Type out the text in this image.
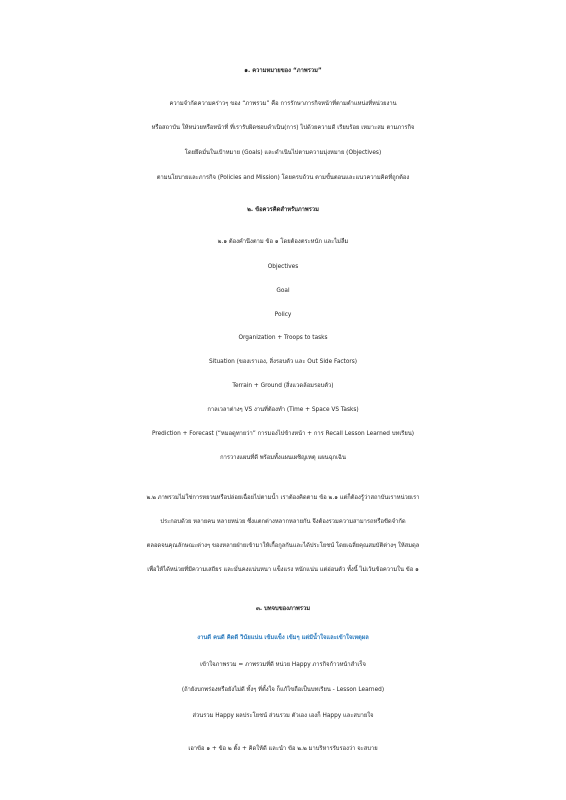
๑. ความหมายของ “ภาพรวม”
ความจำกัดความคร่าวๆ ของ “ภาพรวม” คือ การรักษาภารกิจหน้าที่ตามตำแหน่งที่หน่วยงาน
หรือสถาบัน ให้หน่วยหรือหน้าที่ ที่เรารับผิดชอบดำเนิน(การ) ไปด้วยความดี เรียบร้อย เหมาะสม ตามภารกิจ
โดยยึดมั่นในเป้าหมาย (Goals) และดำเนินไปตามความมุ่งหมาย (Objectives)
ตามนโยบายและภารกิจ (Policies and Mission) โดยครบถ้วน ตามขั้นตอนและแนวความคิดที่ถูกต้อง
๒. ข้อควรคิดสำหรับภาพรวม
๒.๑ ต้องคำนึงตาม ข้อ ๑ โดยต้องตระหนัก และไม่ลืม
Objectives
Goal
Policy
Organization + Troops to tasks
Situation (ของเราเอง, สิ่งรอบตัว และ Out Side Factors)
Terrain + Ground (สิ่งแวดล้อมรอบตัว)
กาลเวลาต่างๆ VS งานที่ต้องทำ (Time + Space VS Tasks)
Prediction + Forecast (“หมอดูทายว่า” การมองไปข้างหน้า + การ Recall Lesson Learned บทเรียน)
การวางแผนที่ดี พร้อมทั้งแผนเผชิญเหตุ แผนฉุกเฉิน
๒.๒ ภาพรวมไม่ใช่การหยวนหรือปล่อยเฉื่อยไปตามน้ำ เราต้องคิดตาม ข้อ ๒.๑ แต่ก็ต้องรู้ว่าสถาบันเราหน่วยเรา
ประกอบด้วย หลายคน หลายหน่วย ซึ่งแตกต่างหลากหลายกัน จึงต้องรวมความสามารถหรือขีดจำกัด
ตลอดจนคุณลักษณะต่างๆ ของหลายฝ่ายเข้ามาให้เกื้อกูลกันและได้ประโยชน์ โดยเฉลี่ยคุณสมบัติต่างๆ ให้สมดุล
เพื่อให้ได้หน่วยที่มีความเสถียร และมั่นคงแน่นหนา แข็งแรง หนักแน่น แต่อ่อนตัว ทั้งนี้ ไม่เว้นข้อความใน ข้อ ๑
๓. บทจบของภาพรวม
งานดี คนดี คิดดี วินัยแน่น เข้มแข็ง เข้มๆ แต่มีน้ำใจและเข้าใจเหตุผล
เข้าใจภาพรวม = ภาพรวมที่ดี หน่วย Happy ภารกิจก้าวหน้าสำเร็จ
(ถ้ายังบกพร่องหรือยังไม่ดี ทั้งๆ ที่ตั้งใจ ก็แก้ไขถือเป็นบทเรียน - Lesson Learned)
ส่วนรวม Happy ผลประโยชน์ ส่วนรวม ตัวเอง เองก็ Happy และสบายใจ
เอาข้อ ๑ + ข้อ ๒ ตั้ง + คิดให้ดี และนำ ข้อ ๒.๒ มาบริหารรับรองว่า จะสบาย
